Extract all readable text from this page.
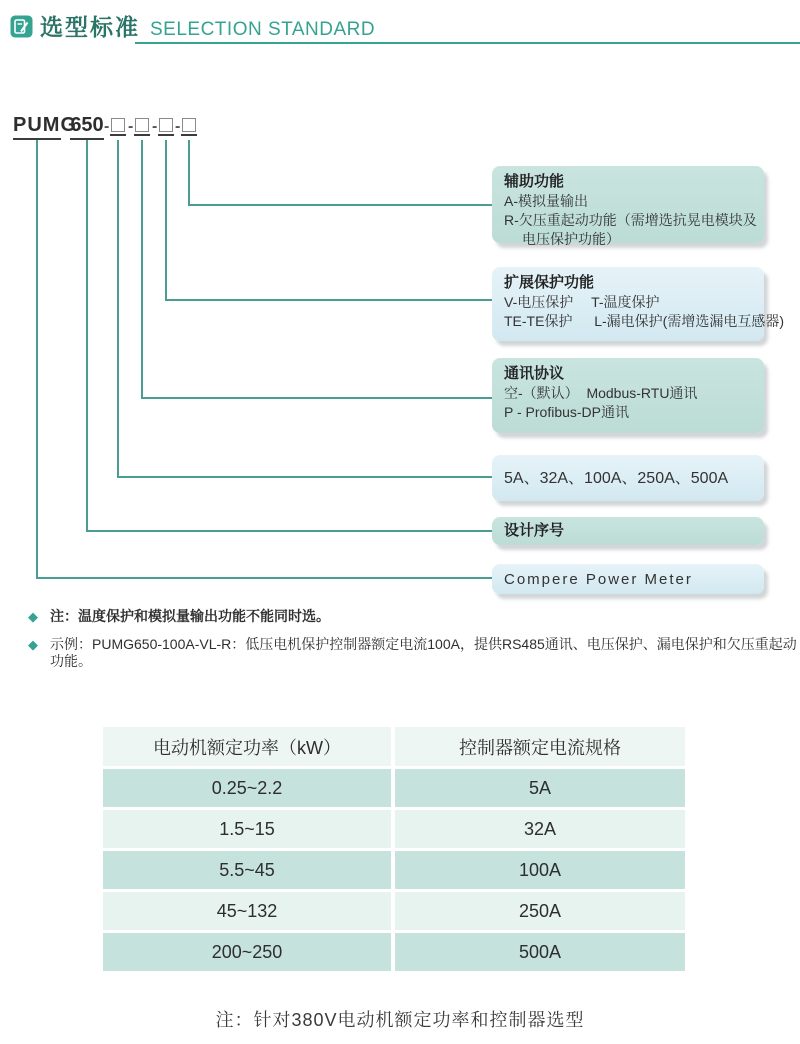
选型标准 SELECTION STANDARD
PUMG
650 - - - -
辅助功能
A-模拟量输出
R-欠压重起动功能（需增选抗晃电模块及
电压保护功能）
扩展保护功能
V-电压保护　 T-温度保护
TE-TE保护　  L-漏电保护(需增选漏电互感器)
通讯协议
空-（默认）  Modbus-RTU通讯
P - Profibus-DP通讯
5A、32A、100A、250A、500A
设计序号
Compere Power Meter
◆ 注：温度保护和模拟量输出功能不能同时选。
◆ 示例：PUMG650-100A-VL-R：低压电机保护控制器额定电流100A，提供RS485通讯、电压保护、漏电保护和欠压重起动功能。
电动机额定功率（kW）	控制器额定电流规格
0.25~2.2	5A
1.5~15	32A
5.5~45	100A
45~132	250A
200~250	500A
注：针对380V电动机额定功率和控制器选型
